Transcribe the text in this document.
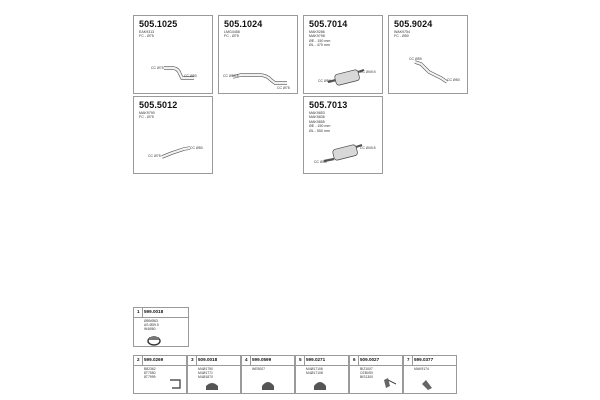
505.1025
EAK9313
FC - Ø75
CC Ø75
CC Ø50
505.1024
LMG4458
FC - Ø75
CC Ø59.5
CC Ø75
505.7014
MAK9286
MAK9798
ØE - 150 mm
ØL - 470 mm
CC Ø59
CC Ø49.5
505.9024
WAK9754
FC - Ø50
CC Ø59
CC Ø50
505.5012
MAK9790
FC - Ø75
CC Ø75
CC Ø50
505.7013
MAK9853
MAK9836
MAK9855
ØE - 150 mm
ØL - 550 mm
CC Ø59
CC Ø49.5
1 599.0018
Ø59/Ø63
AS Ø59.5
W4Ø60
2 599.0269
B82362
8T7550
8T7999
3 509.0018
M4Ø1750
M4Ø1771
M4Ø1870
4 599.0599
WE5007
5 599.0271
M4Ø17106
M4Ø17108
6 509.0027
BIZ1007
CEB0S0
BIS1300
7 599.0377
MAK9174
